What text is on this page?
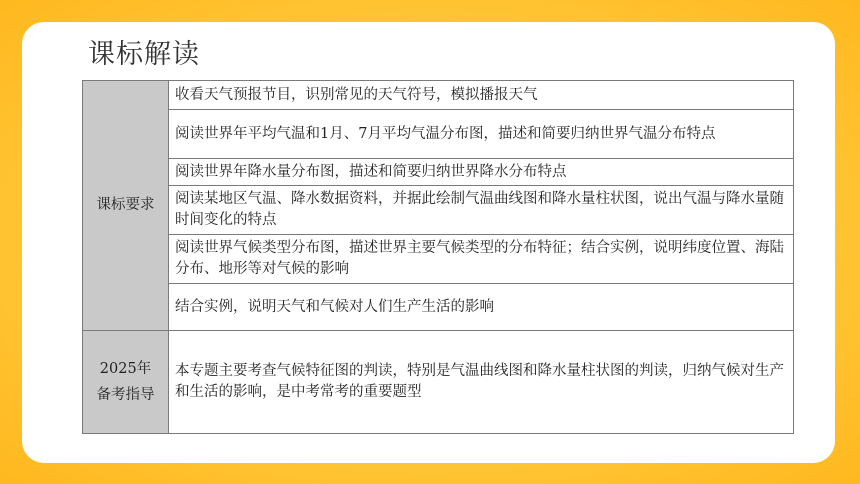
课标解读
课标要求	收看天气预报节目，识别常见的天气符号，模拟播报天气
	阅读世界年平均气温和1月、7月平均气温分布图，描述和简要归纳世界气温分布特点
	阅读世界年降水量分布图，描述和简要归纳世界降水分布特点
	阅读某地区气温、降水数据资料，并据此绘制气温曲线图和降水量柱状图，说出气温与降水量随时间变化的特点
	阅读世界气候类型分布图，描述世界主要气候类型的分布特征；结合实例，说明纬度位置、海陆分布、地形等对气候的影响
	结合实例，说明天气和气候对人们生产生活的影响

2025年
备考指导	本专题主要考查气候特征图的判读，特别是气温曲线图和降水量柱状图的判读，归纳气候对生产和生活的影响，是中考常考的重要题型
